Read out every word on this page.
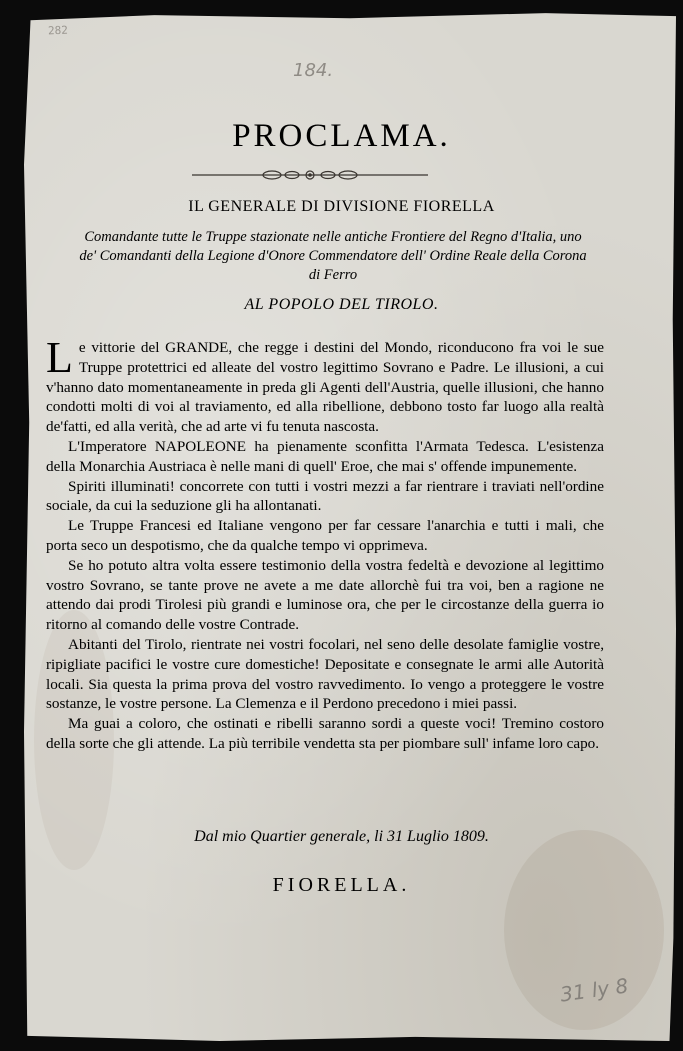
282
184.
31 ly 8
PROCLAMA.
IL GENERALE DI DIVISIONE FIORELLA
Comandante tutte le Truppe stazionate nelle antiche Frontiere del Regno d'Italia, uno de' Comandanti della Legione d'Onore Commendatore dell' Ordine Reale della Corona di Ferro
AL POPOLO DEL TIROLO.

Le vittorie del GRANDE, che regge i destini del Mondo, riconducono fra voi le sue Truppe protettrici ed alleate del vostro legittimo Sovrano e Padre. Le illusioni, a cui v'hanno dato momentaneamente in preda gli Agenti dell'Austria, quelle illusioni, che hanno condotti molti di voi al traviamento, ed alla ribellione, debbono tosto far luogo alla realtà de'fatti, ed alla verità, che ad arte vi fu tenuta nascosta.

L'Imperatore NAPOLEONE ha pienamente sconfitta l'Armata Tedesca. L'esistenza della Monarchia Austriaca è nelle mani di quell' Eroe, che mai s' offende impunemente.

Spiriti illuminati! concorrete con tutti i vostri mezzi a far rientrare i traviati nell'ordine sociale, da cui la seduzione gli ha allontanati.

Le Truppe Francesi ed Italiane vengono per far cessare l'anarchia e tutti i mali, che porta seco un despotismo, che da qualche tempo vi opprimeva.

Se ho potuto altra volta essere testimonio della vostra fedeltà e devozione al legittimo vostro Sovrano, se tante prove ne avete a me date allorchè fui tra voi, ben a ragione ne attendo dai prodi Tirolesi più grandi e luminose ora, che per le circostanze della guerra io ritorno al comando delle vostre Contrade.

Abitanti del Tirolo, rientrate nei vostri focolari, nel seno delle desolate famiglie vostre, ripigliate pacifici le vostre cure domestiche! Depositate e consegnate le armi alle Autorità locali. Sia questa la prima prova del vostro ravvedimento. Io vengo a proteggere le vostre sostanze, le vostre persone. La Clemenza e il Perdono precedono i miei passi.

Ma guai a coloro, che ostinati e ribelli saranno sordi a queste voci! Tremino costoro della sorte che gli attende. La più terribile vendetta sta per piombare sull' infame loro capo.

Dal mio Quartier generale, li 31 Luglio 1809.
FIORELLA.
